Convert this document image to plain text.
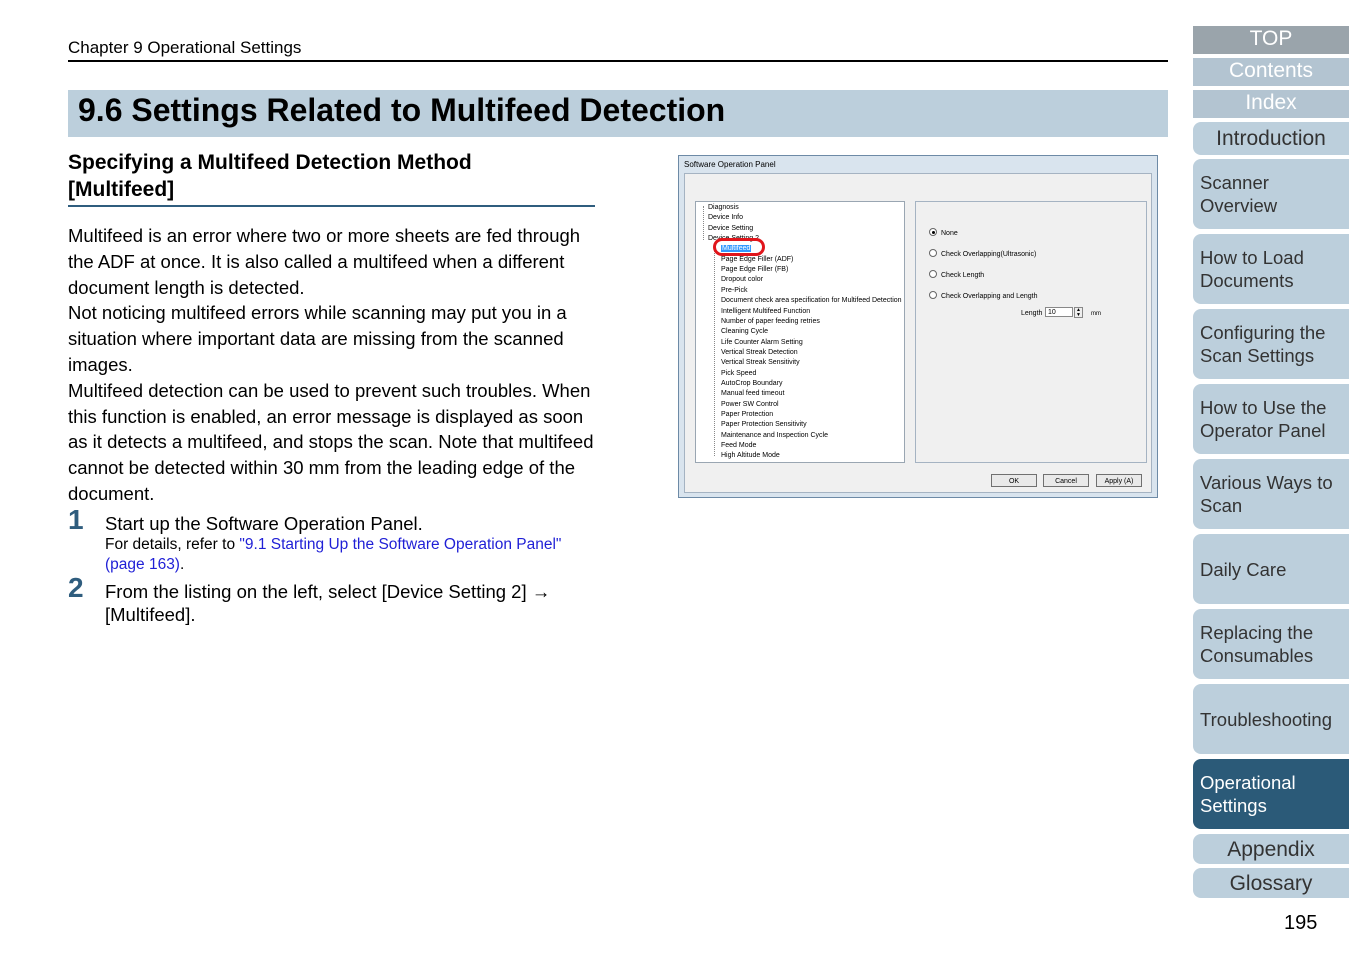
Chapter 9 Operational Settings
9.6 Settings Related to Multifeed Detection
Specifying a Multifeed Detection Method
[Multifeed]

Multifeed is an error where two or more sheets are fed through the ADF at once. It is also called a multifeed when a different document length is detected.

Not noticing multifeed errors while scanning may put you in a situation where important data are missing from the scanned images.

Multifeed detection can be used to prevent such troubles. When this function is enabled, an error message is displayed as soon as it detects a multifeed, and stops the scan. Note that multifeed cannot be detected within 30 mm from the leading edge of the document.

1 Start up the Software Operation Panel.
For details, refer to "9.1 Starting Up the Software Operation Panel" (page 163).
2 From the listing on the left, select [Device Setting 2] → [Multifeed].
Software Operation Panel
Diagnosis
Device Info
Device Setting
Device Setting 2
Multifeed
Page Edge Filler (ADF)
Page Edge Filler (FB)
Dropout color
Pre-Pick
Document check area specification for Multifeed Detection
Intelligent Multifeed Function
Number of paper feeding retries
Cleaning Cycle
Life Counter Alarm Setting
Vertical Streak Detection
Vertical Streak Sensitivity
Pick Speed
AutoCrop Boundary
Manual feed timeout
Power SW Control
Paper Protection
Paper Protection Sensitivity
Maintenance and Inspection Cycle
Feed Mode
High Altitude Mode
None
Check Overlapping(Ultrasonic)
Check Length
Check Overlapping and Length
Length 10	▲
▼	mm
OK	Cancel	Apply (A)
TOP
Contents
Index
Introduction
Scanner Overview
How to Load Documents
Configuring the Scan Settings
How to Use the Operator Panel
Various Ways to Scan
Daily Care
Replacing the Consumables
Troubleshooting
Operational Settings
Appendix
Glossary
195
